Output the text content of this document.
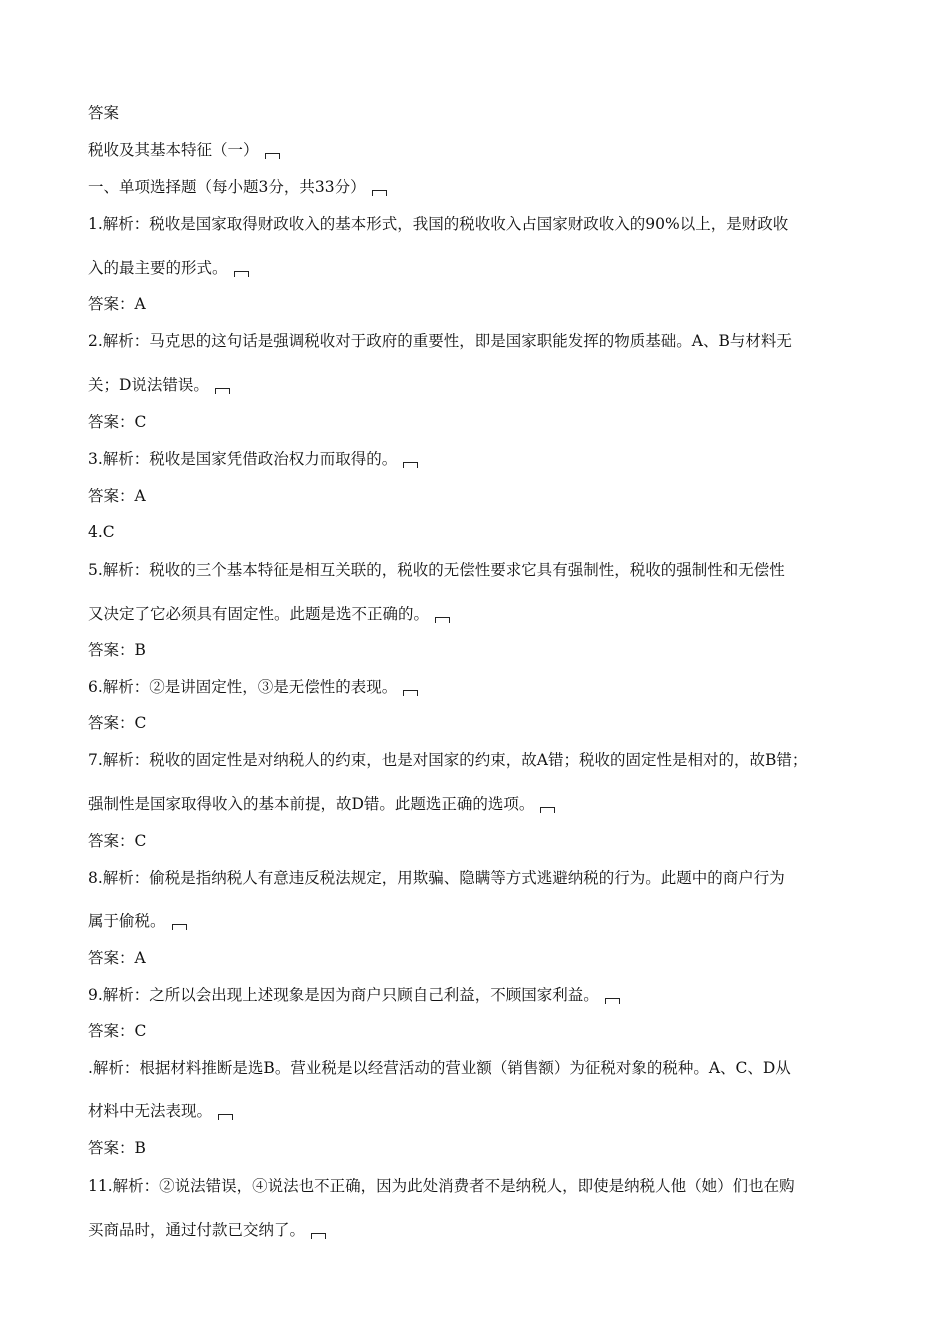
答案
税收及其基本特征（一）
一、单项选择题（每小题3分，共33分）
1.解析：税收是国家取得财政收入的基本形式，我国的税收收入占国家财政收入的90%以上，是财政收
入的最主要的形式。
答案：A
2.解析：马克思的这句话是强调税收对于政府的重要性，即是国家职能发挥的物质基础。A、B与材料无
关；D说法错误。
答案：C
3.解析：税收是国家凭借政治权力而取得的。
答案：A
4.C
5.解析：税收的三个基本特征是相互关联的，税收的无偿性要求它具有强制性，税收的强制性和无偿性
又决定了它必须具有固定性。此题是选不正确的。
答案：B
6.解析：②是讲固定性，③是无偿性的表现。
答案：C
7.解析：税收的固定性是对纳税人的约束，也是对国家的约束，故A错；税收的固定性是相对的，故B错；
强制性是国家取得收入的基本前提，故D错。此题选正确的选项。
答案：C
8.解析：偷税是指纳税人有意违反税法规定，用欺骗、隐瞒等方式逃避纳税的行为。此题中的商户行为
属于偷税。
答案：A
9.解析：之所以会出现上述现象是因为商户只顾自己利益，不顾国家利益。
答案：C
.解析：根据材料推断是选B。营业税是以经营活动的营业额（销售额）为征税对象的税种。A、C、D从
材料中无法表现。
答案：B
11.解析：②说法错误，④说法也不正确，因为此处消费者不是纳税人，即使是纳税人他（她）们也在购
买商品时，通过付款已交纳了。
